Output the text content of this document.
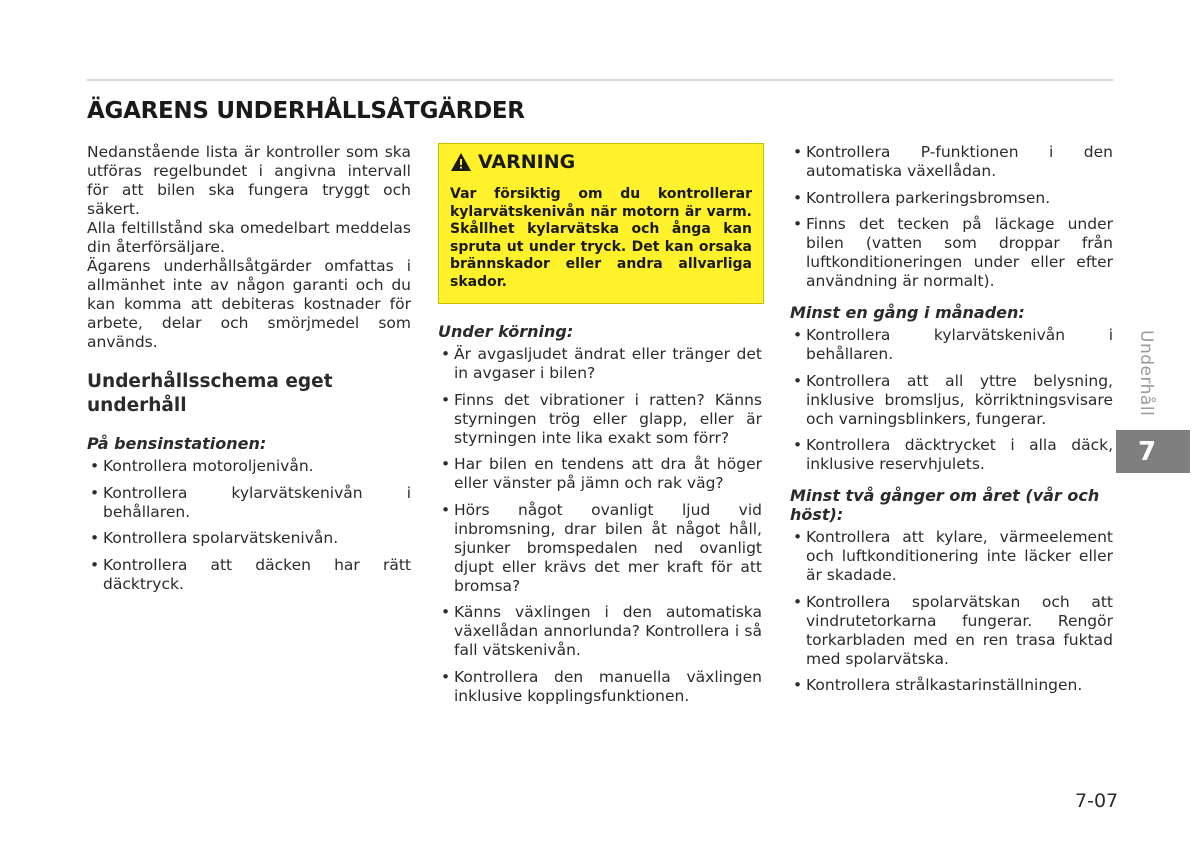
ÄGARENS UNDERHÅLLSÅTGÄRDER

Nedanstående lista är kontroller som ska utföras regelbundet i angivna intervall för att bilen ska fungera tryggt och säkert.

Alla feltillstånd ska omedelbart meddelas din återförsäljare.

Ägarens underhållsåtgärder omfattas i allmänhet inte av någon garanti och du kan komma att debiteras kostnader för arbete, delar och smörjmedel som används.

Underhållsschema eget underhåll
På bensinstationen:
• Kontrollera motoroljenivån.
• Kontrollera kylarvätskenivån i behållaren.
• Kontrollera spolarvätskenivån.
• Kontrollera att däcken har rätt däcktryck.
VARNING

Var försiktig om du kontrollerar kylarvätskenivån när motorn är varm. Skållhet kylarvätska och ånga kan spruta ut under tryck. Det kan orsaka brännskador eller andra allvarliga skador.

Under körning:
• Är avgasljudet ändrat eller tränger det in avgaser i bilen?
• Finns det vibrationer i ratten? Känns styrningen trög eller glapp, eller är styrningen inte lika exakt som förr?
• Har bilen en tendens att dra åt höger eller vänster på jämn och rak väg?
• Hörs något ovanligt ljud vid inbromsning, drar bilen åt något håll, sjunker bromspedalen ned ovanligt djupt eller krävs det mer kraft för att bromsa?
• Känns växlingen i den automatiska växellådan annorlunda? Kontrollera i så fall vätskenivån.
• Kontrollera den manuella växlingen inklusive kopplingsfunktionen.
• Kontrollera P-funktionen i den automatiska växellådan.
• Kontrollera parkeringsbromsen.
• Finns det tecken på läckage under bilen (vatten som droppar från luftkonditioneringen under eller efter användning är normalt).
Minst en gång i månaden:
• Kontrollera kylarvätskenivån i behållaren.
• Kontrollera att all yttre belysning, inklusive bromsljus, körriktningsvisare och varningsblinkers, fungerar.
• Kontrollera däcktrycket i alla däck, inklusive reservhjulets.
Minst två gånger om året (vår och höst):
• Kontrollera att kylare, värmeelement och luftkonditionering inte läcker eller är skadade.
• Kontrollera spolarvätskan och att vindrutetorkarna fungerar. Rengör torkarbladen med en ren trasa fuktad med spolarvätska.
• Kontrollera strålkastarinställningen.
Underhåll
7
7-07
